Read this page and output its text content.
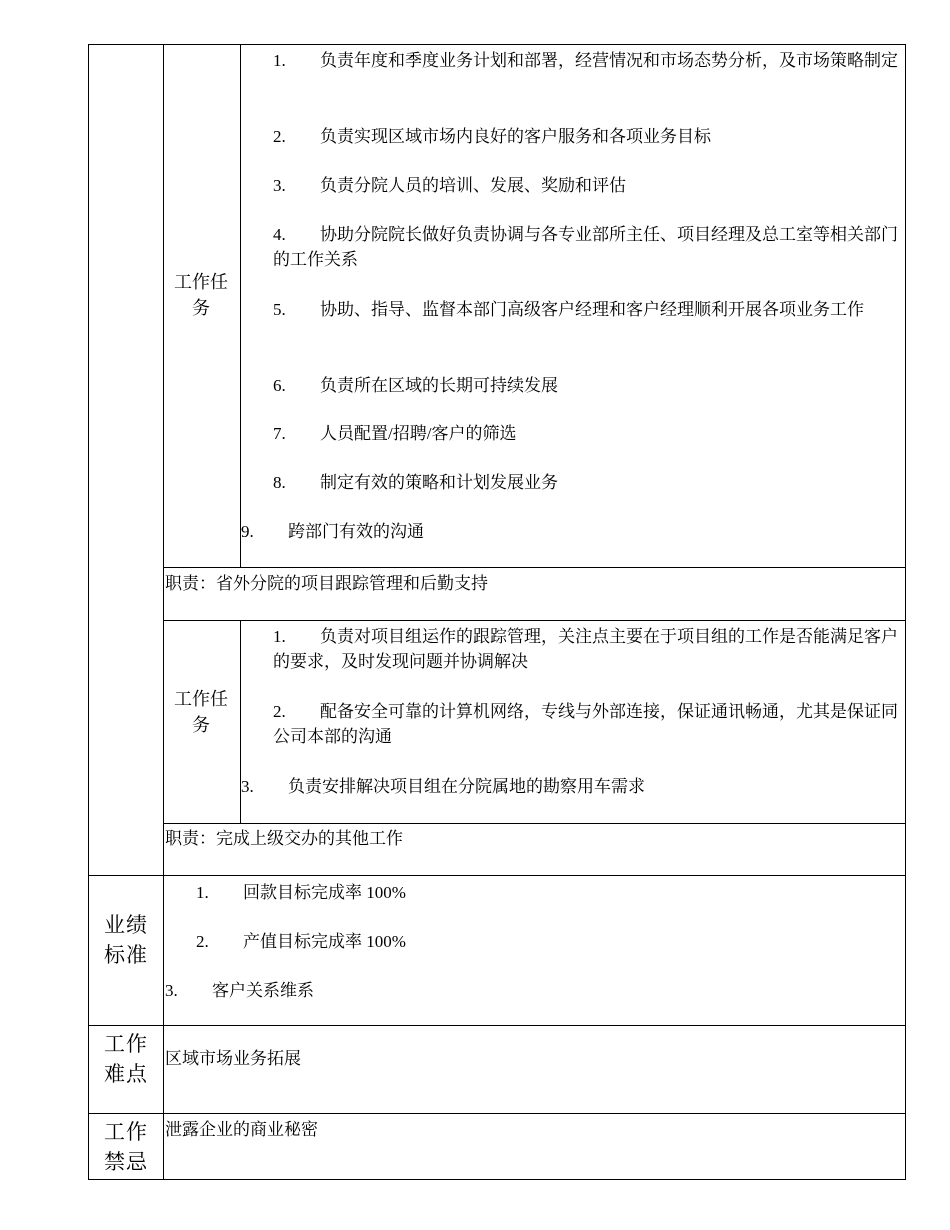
工作任务
1. 负责年度和季度业务计划和部署，经营情况和市场态势分析，及市场策略制定
2. 负责实现区域市场内良好的客户服务和各项业务目标
3. 负责分院人员的培训、发展、奖励和评估
4. 协助分院院长做好负责协调与各专业部所主任、项目经理及总工室等相关部门的工作关系
5. 协助、指导、监督本部门高级客户经理和客户经理顺利开展各项业务工作
6. 负责所在区域的长期可持续发展
7. 人员配置/招聘/客户的筛选
8. 制定有效的策略和计划发展业务
9. 跨部门有效的沟通
职责：省外分院的项目跟踪管理和后勤支持
工作任务
1. 负责对项目组运作的跟踪管理，关注点主要在于项目组的工作是否能满足客户的要求，及时发现问题并协调解决
2. 配备安全可靠的计算机网络，专线与外部连接，保证通讯畅通，尤其是保证同公司本部的沟通
3. 负责安排解决项目组在分院属地的勘察用车需求
职责：完成上级交办的其他工作
业绩标准
1. 回款目标完成率 100%
2. 产值目标完成率 100%
3. 客户关系维系
工作难点
区域市场业务拓展
工作禁忌
泄露企业的商业秘密
